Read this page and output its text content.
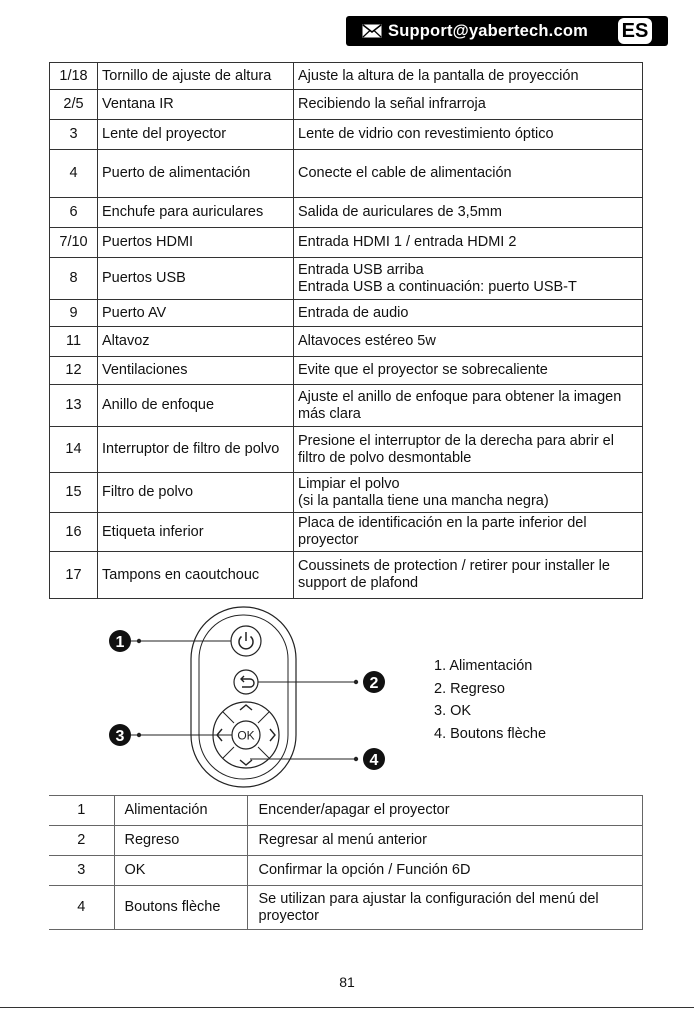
Support@yabertech.com ES
1/18	Tornillo de ajuste de altura	Ajuste la altura de la pantalla de proyección
2/5	Ventana IR	Recibiendo la señal infrarroja
3	Lente del proyector	Lente de vidrio con revestimiento óptico
4	Puerto de alimentación	Conecte el cable de alimentación
6	Enchufe para auriculares	Salida de auriculares de 3,5mm
7/10	Puertos HDMI	Entrada HDMI 1 / entrada HDMI 2
8	Puertos USB	Entrada USB arriba
Entrada USB a continuación: puerto USB-T
9	Puerto AV	Entrada de audio
11	Altavoz	Altavoces estéreo 5w
12	Ventilaciones	Evite que el proyector se sobrecaliente
13	Anillo de enfoque	Ajuste el anillo de enfoque para obtener la imagen más clara
14	Interruptor de filtro de polvo	Presione el interruptor de la derecha para abrir el filtro de polvo desmontable
15	Filtro de polvo	Limpiar el polvo
(si la pantalla tiene una mancha negra)
16	Etiqueta inferior	Placa de identificación en la parte inferior del proyector
17	Tampons en caoutchouc	Coussinets de protection / retirer pour installer le support de plafond
OK
1
2
3
4
1. Alimentación
2. Regreso
3. OK
4. Boutons flèche
1	Alimentación	Encender/apagar el proyector
2	Regreso	Regresar al menú anterior
3	OK	Confirmar la opción / Función 6D
4	Boutons flèche	Se utilizan para ajustar la configuración del menú del proyector
81
